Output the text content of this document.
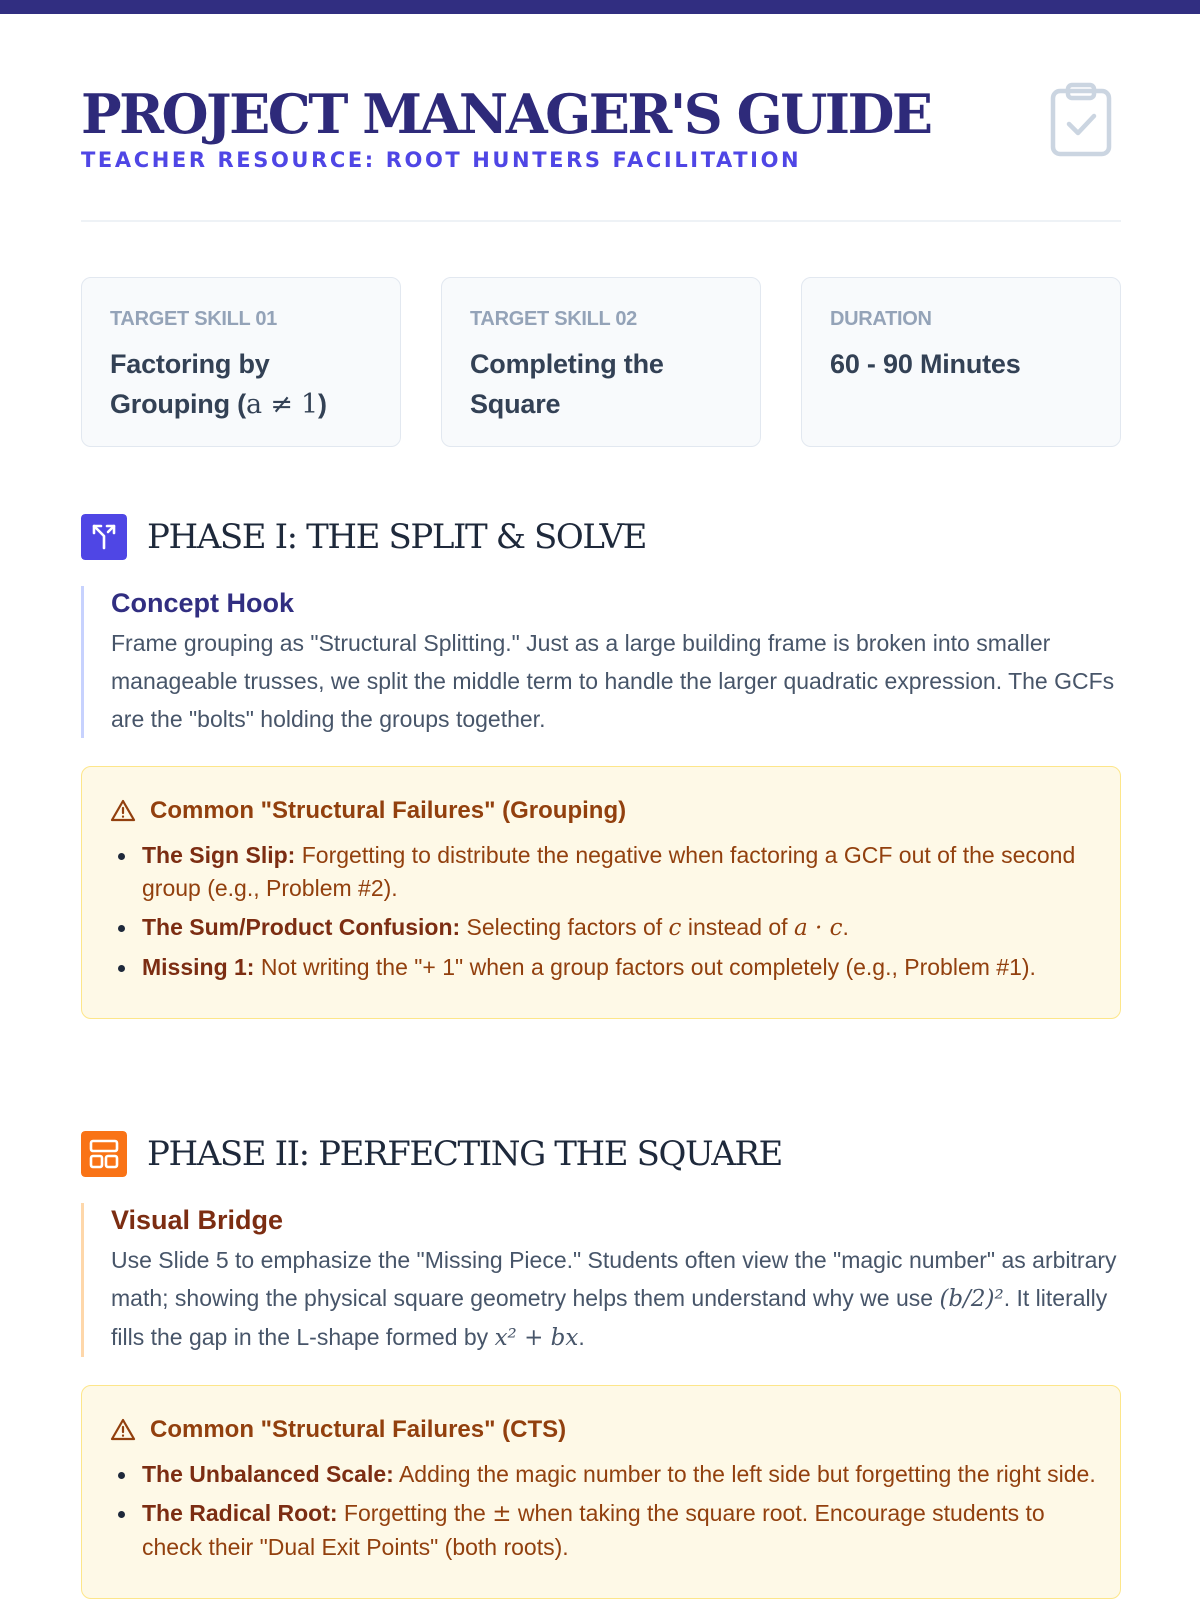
PROJECT MANAGER'S GUIDE
TEACHER RESOURCE: ROOT HUNTERS FACILITATION
TARGET SKILL 01
Factoring by Grouping (a ≠ 1)
TARGET SKILL 02
Completing the Square
DURATION
60 - 90 Minutes
PHASE I: THE SPLIT & SOLVE
Concept Hook
Frame grouping as "Structural Splitting." Just as a large building frame is broken into smaller manageable trusses, we split the middle term to handle the larger quadratic expression. The GCFs are the "bolts" holding the groups together.
Common "Structural Failures" (Grouping)
The Sign Slip: Forgetting to distribute the negative when factoring a GCF out of the second group (e.g., Problem #2).
The Sum/Product Confusion: Selecting factors of c instead of a · c.
Missing 1: Not writing the "+ 1" when a group factors out completely (e.g., Problem #1).
PHASE II: PERFECTING THE SQUARE
Visual Bridge
Use Slide 5 to emphasize the "Missing Piece." Students often view the "magic number" as arbitrary math; showing the physical square geometry helps them understand why we use (b/2)². It literally fills the gap in the L-shape formed by x² + bx.
Common "Structural Failures" (CTS)
The Unbalanced Scale: Adding the magic number to the left side but forgetting the right side.
The Radical Root: Forgetting the ± when taking the square root. Encourage students to check their "Dual Exit Points" (both roots).
